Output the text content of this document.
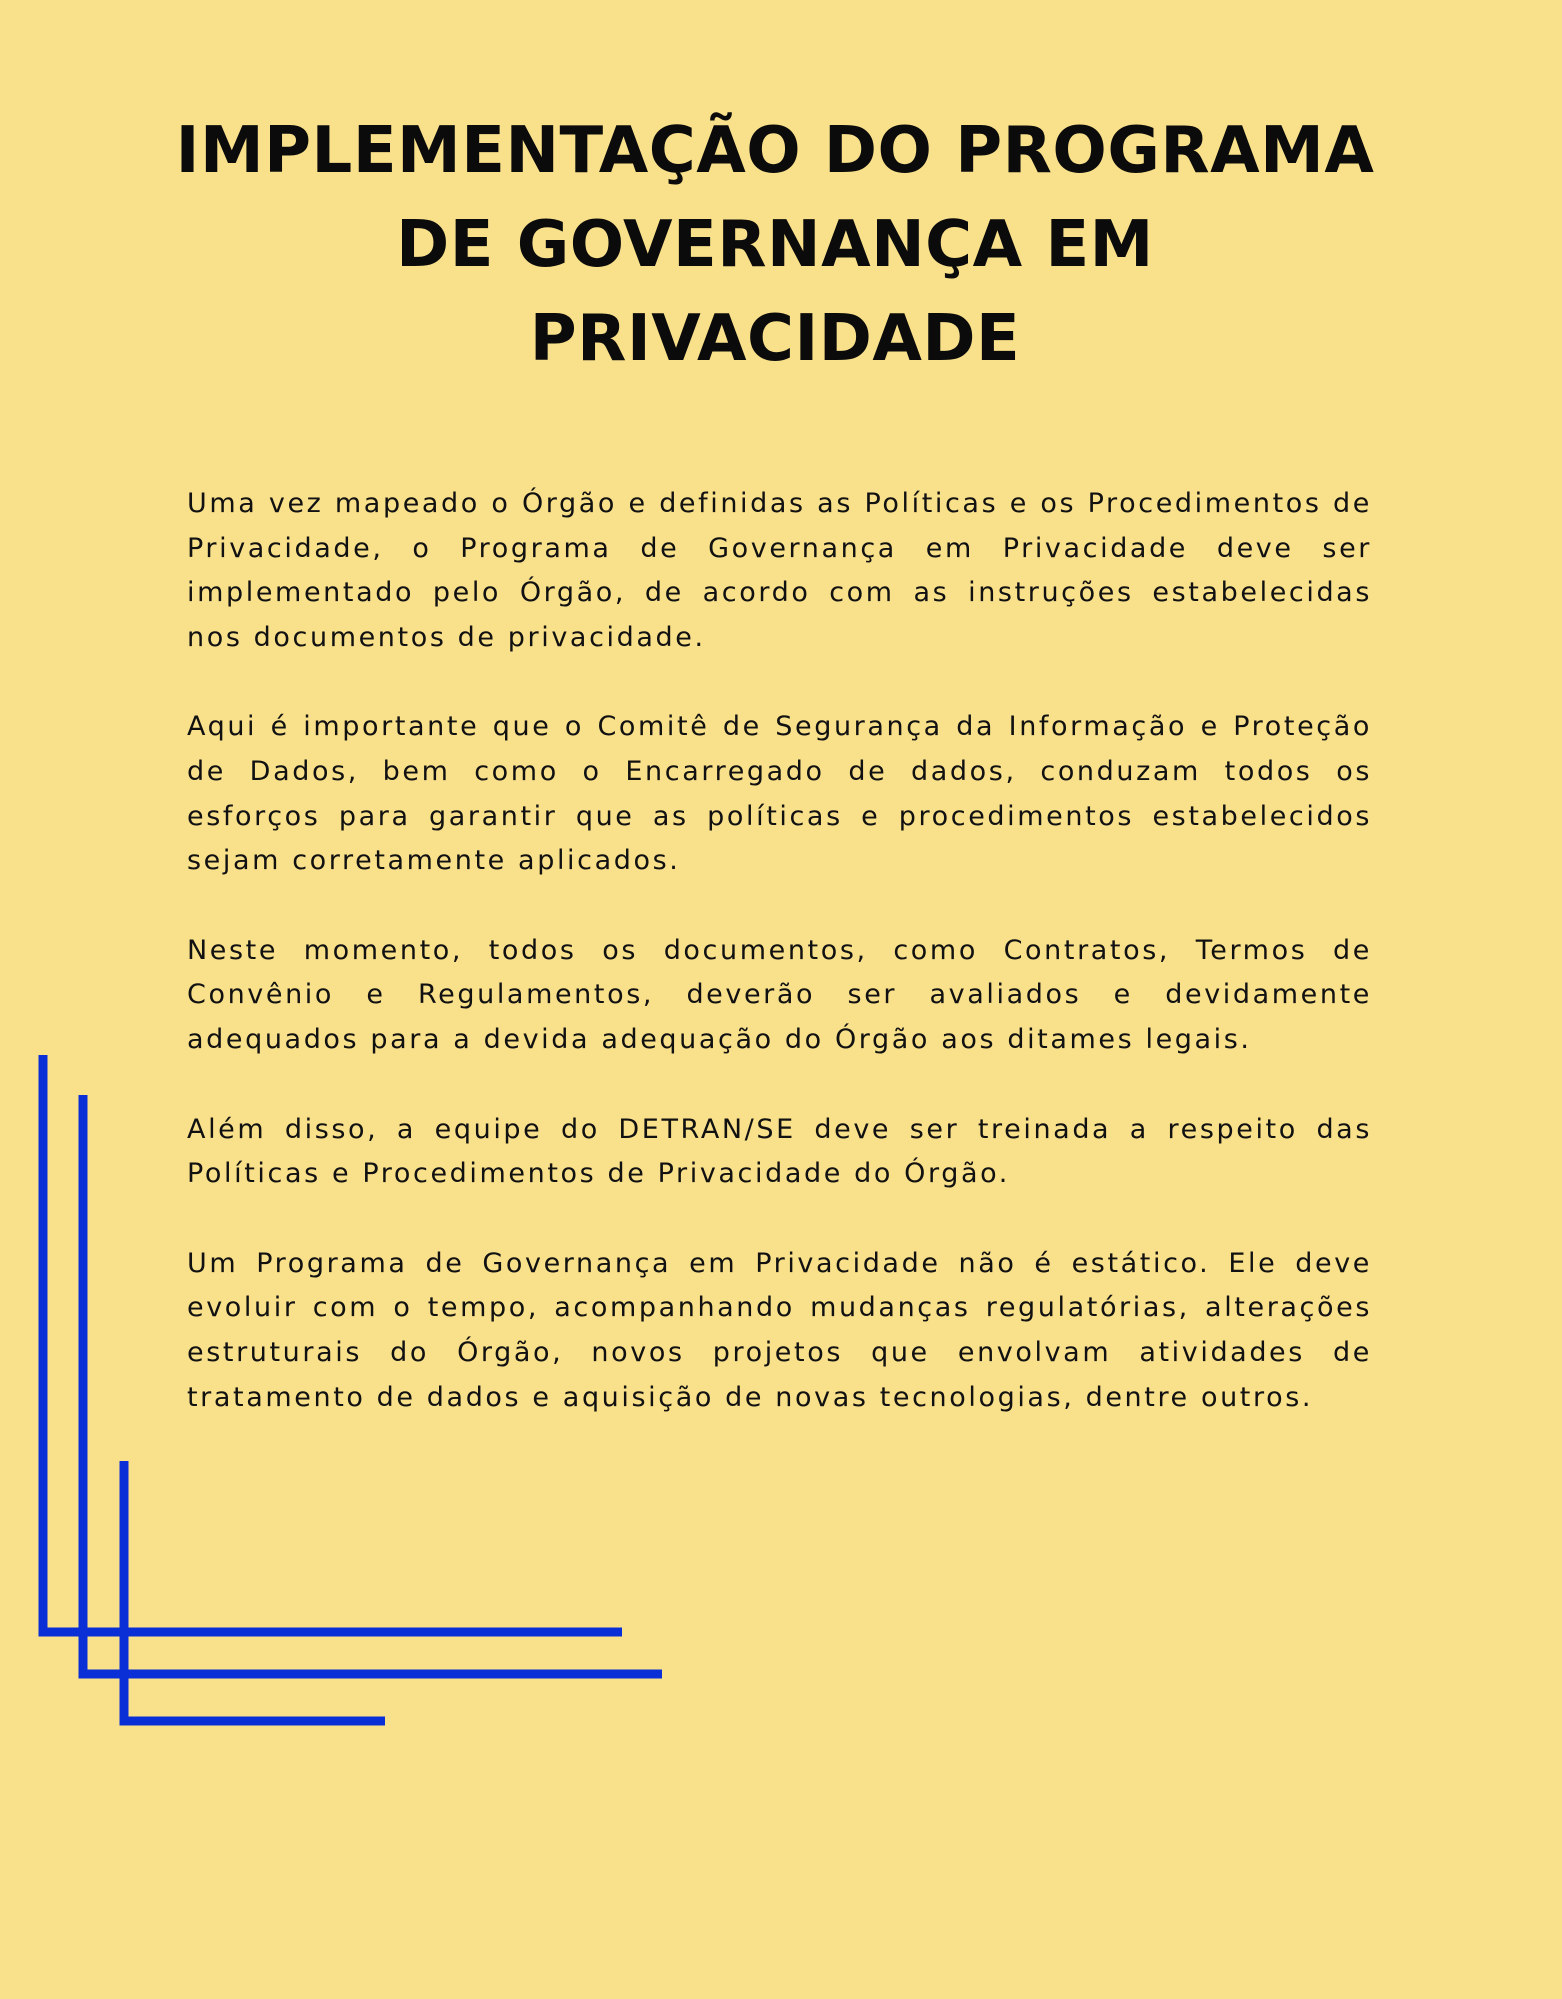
IMPLEMENTAÇÃO DO PROGRAMA
DE GOVERNANÇA EM
PRIVACIDADE

Uma vez mapeado o Órgão e definidas as Políticas e os Procedimentos de Privacidade, o Programa de Governança em Privacidade deve ser implementado pelo Órgão, de acordo com as instruções estabelecidas nos documentos de privacidade.

Aqui é importante que o Comitê de Segurança da Informação e Proteção de Dados, bem como o Encarregado de dados, conduzam todos os esforços para garantir que as políticas e procedimentos estabelecidos sejam corretamente aplicados.

Neste momento, todos os documentos, como Contratos, Termos de Convênio e Regulamentos, deverão ser avaliados e devidamente adequados para a devida adequação do Órgão aos ditames legais.

Além disso, a equipe do DETRAN/SE deve ser treinada a respeito das Políticas e Procedimentos de Privacidade do Órgão.

Um Programa de Governança em Privacidade não é estático. Ele deve evoluir com o tempo, acompanhando mudanças regulatórias, alterações estruturais do Órgão, novos projetos que envolvam atividades de tratamento de dados e aquisição de novas tecnologias, dentre outros.
